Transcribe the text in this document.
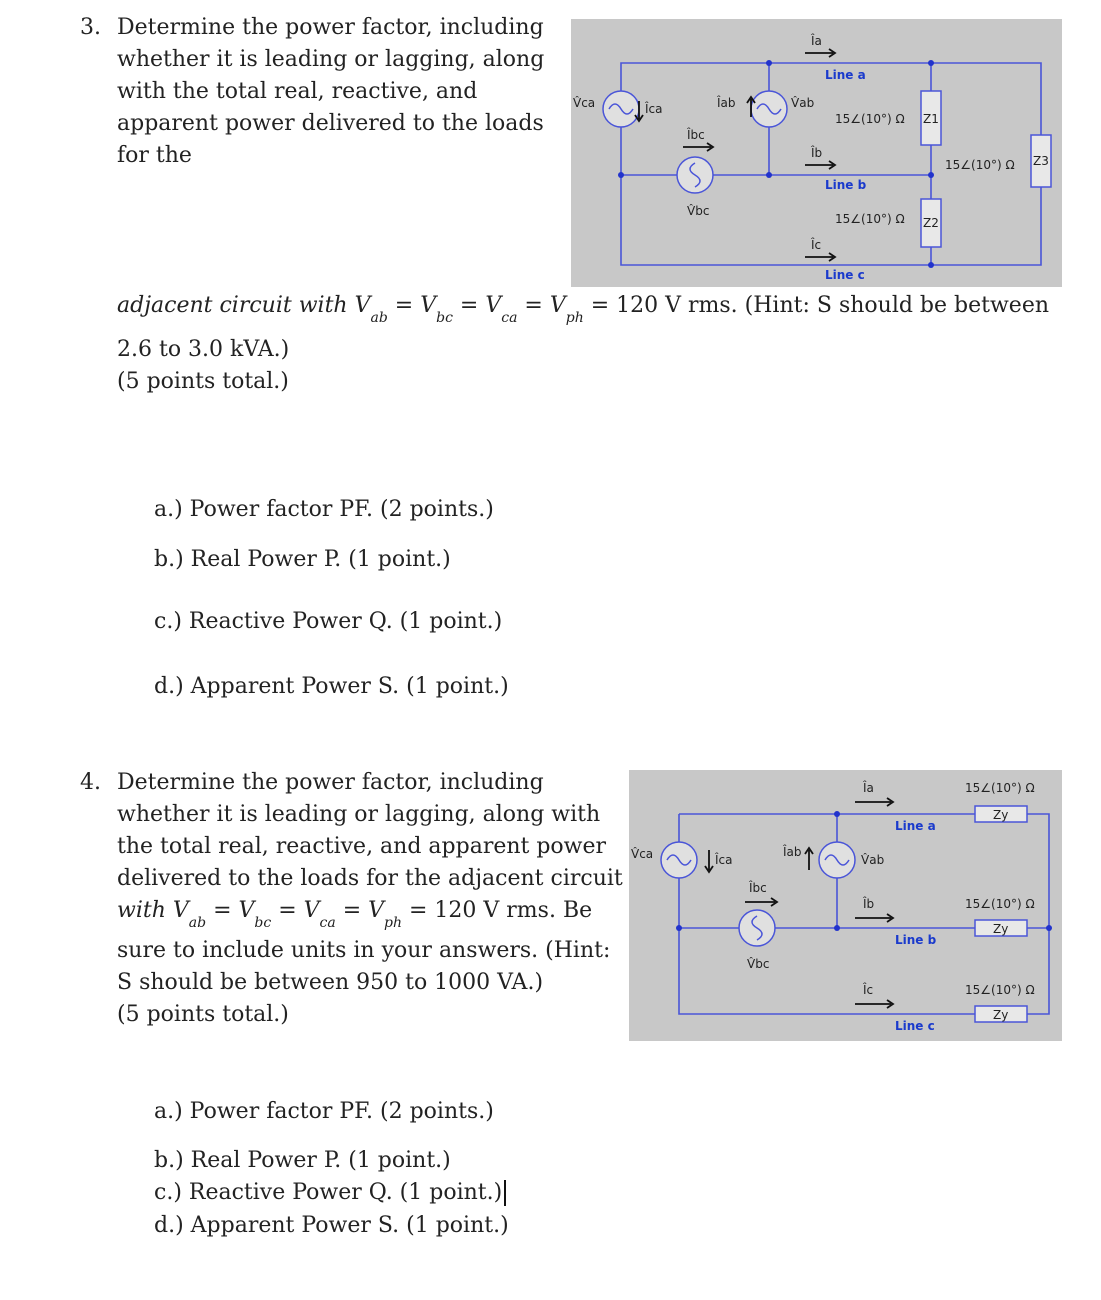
3. Determine the power factor, including
whether it is leading or lagging, along
with the total real, reactive, and
apparent power delivered to the loads
for the
V̂ca	Îca	Îab	V̂ab
Îbc
V̂bc
Îa
Îb
Îc
Line a
Line b
Line c
15∠(10°) Ω
15∠(10°) Ω
15∠(10°) Ω
Z1
Z2
Z3
adjacent circuit with $V_{ab} = V_{bc} = V_{ca} = V_{ph} = 120$ V rms. (Hint: S should be between
2.6 to 3.0 kVA.)
(5 points total.)
a.) Power factor PF. (2 points.)
b.) Real Power P. (1 point.)
c.) Reactive Power Q. (1 point.)
d.) Apparent Power S. (1 point.)
4. Determine the power factor, including
whether it is leading or lagging, along with
the total real, reactive, and apparent power
delivered to the loads for the adjacent circuit
with $V_{ab} = V_{bc} = V_{ca} = V_{ph} = 120$ V rms. Be
sure to include units in your answers. (Hint:
S should be between 950 to 1000 VA.)
(5 points total.)
V̂ca	Îca
Îab
V̂ab
Îbc
V̂bc
Îa
Îb
Îc
Line a
Line b
Line c
15∠(10°) Ω
15∠(10°) Ω
15∠(10°) Ω
Zy
Zy
Zy
a.) Power factor PF. (2 points.)
b.) Real Power P. (1 point.)
c.) Reactive Power Q. (1 point.)
d.) Apparent Power S. (1 point.)
